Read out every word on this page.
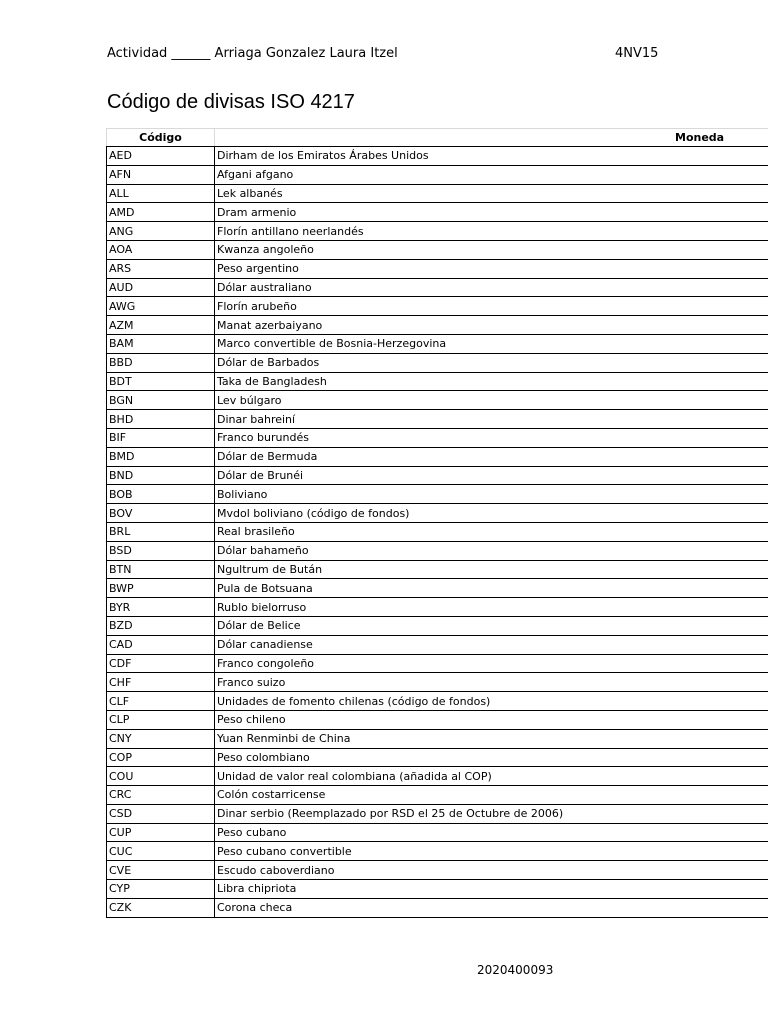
Actividad ______ Arriaga Gonzalez Laura Itzel	4NV15
Código de divisas ISO 4217
Código	Moneda
AED	Dirham de los Emiratos Árabes Unidos
AFN	Afgani afgano
ALL	Lek albanés
AMD	Dram armenio
ANG	Florín antillano neerlandés
AOA	Kwanza angoleño
ARS	Peso argentino
AUD	Dólar australiano
AWG	Florín arubeño
AZM	Manat azerbaiyano
BAM	Marco convertible de Bosnia-Herzegovina
BBD	Dólar de Barbados
BDT	Taka de Bangladesh
BGN	Lev búlgaro
BHD	Dinar bahreiní
BIF	Franco burundés
BMD	Dólar de Bermuda
BND	Dólar de Brunéi
BOB	Boliviano
BOV	Mvdol boliviano (código de fondos)
BRL	Real brasileño
BSD	Dólar bahameño
BTN	Ngultrum de Bután
BWP	Pula de Botsuana
BYR	Rublo bielorruso
BZD	Dólar de Belice
CAD	Dólar canadiense
CDF	Franco congoleño
CHF	Franco suizo
CLF	Unidades de fomento chilenas (código de fondos)
CLP	Peso chileno
CNY	Yuan Renminbi de China
COP	Peso colombiano
COU	Unidad de valor real colombiana (añadida al COP)
CRC	Colón costarricense
CSD	Dinar serbio (Reemplazado por RSD el 25 de Octubre de 2006)
CUP	Peso cubano
CUC	Peso cubano convertible
CVE	Escudo caboverdiano
CYP	Libra chipriota
CZK	Corona checa
2020400093
